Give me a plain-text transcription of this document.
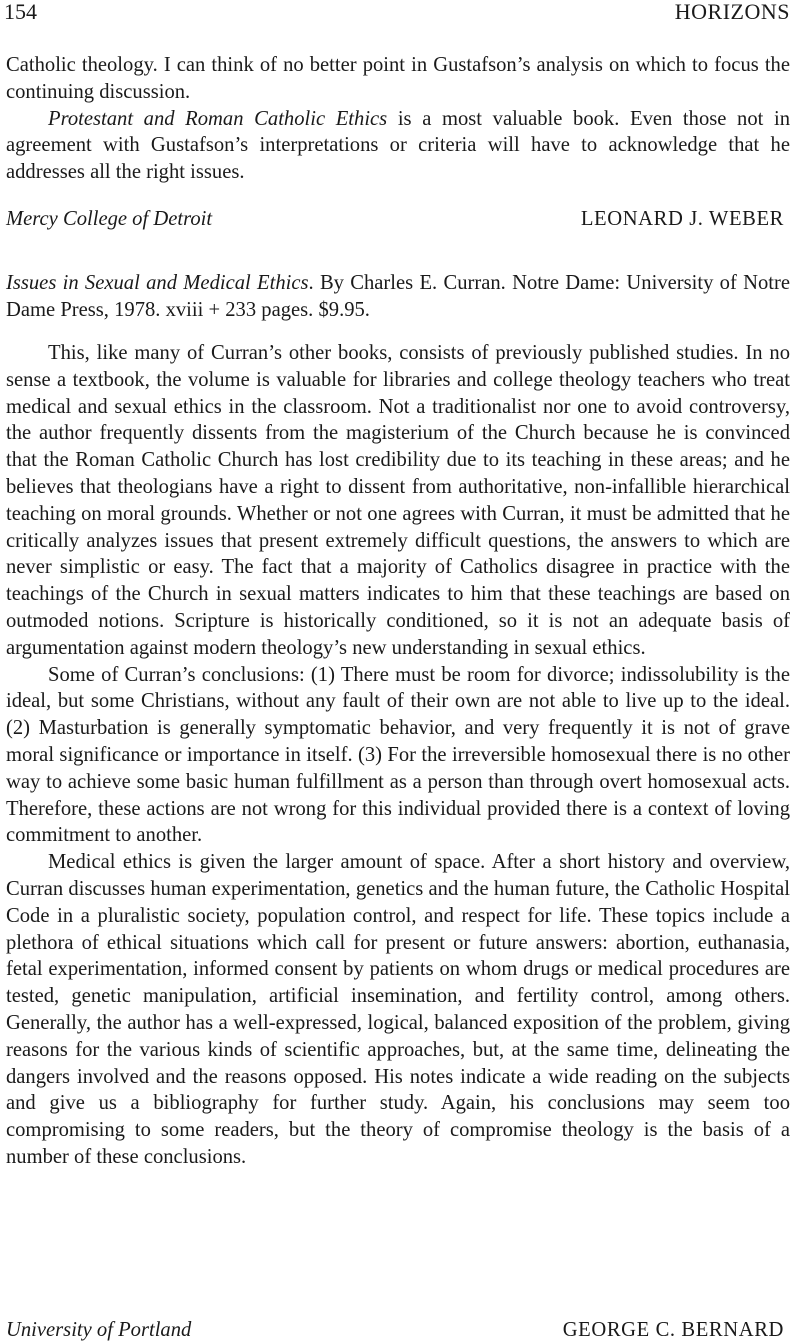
154	HORIZONS

Catholic theology. I can think of no better point in Gustafson’s analysis on which to focus the continuing discussion.

Protestant and Roman Catholic Ethics is a most valuable book. Even those not in agreement with Gustafson’s interpretations or criteria will have to acknowledge that he addresses all the right issues.

Mercy College of Detroit	LEONARD J. WEBER
Issues in Sexual and Medical Ethics. By Charles E. Curran. Notre Dame: University of Notre Dame Press, 1978. xviii + 233 pages. $9.95.

This, like many of Curran’s other books, consists of previously published studies. In no sense a textbook, the volume is valuable for libraries and college theology teachers who treat medical and sexual ethics in the classroom. Not a traditionalist nor one to avoid controversy, the author frequently dissents from the magisterium of the Church because he is convinced that the Roman Catholic Church has lost credibility due to its teaching in these areas; and he believes that theologians have a right to dissent from authoritative, non-infallible hierarchical teaching on moral grounds. Whether or not one agrees with Curran, it must be admitted that he critically analyzes issues that present extremely difficult questions, the answers to which are never simplistic or easy. The fact that a majority of Catholics disagree in practice with the teachings of the Church in sexual matters indicates to him that these teachings are based on outmoded notions. Scripture is historically conditioned, so it is not an adequate basis of argumentation against modern theology’s new understanding in sexual ethics.

Some of Curran’s conclusions: (1) There must be room for divorce; indissolubility is the ideal, but some Christians, without any fault of their own are not able to live up to the ideal. (2) Masturbation is generally symptomatic behavior, and very frequently it is not of grave moral significance or importance in itself. (3) For the irreversible homosexual there is no other way to achieve some basic human fulfillment as a person than through overt homosexual acts. Therefore, these actions are not wrong for this individual provided there is a context of loving commitment to another.

Medical ethics is given the larger amount of space. After a short history and overview, Curran discusses human experimentation, genetics and the human future, the Catholic Hospital Code in a pluralistic society, population control, and respect for life. These topics include a plethora of ethical situations which call for present or future answers: abortion, euthanasia, fetal experimentation, informed consent by patients on whom drugs or medical procedures are tested, genetic manipulation, artificial insemination, and fertility control, among others. Generally, the author has a well-expressed, logical, balanced exposition of the problem, giving reasons for the various kinds of scientific approaches, but, at the same time, delineating the dangers involved and the reasons opposed. His notes indicate a wide reading on the subjects and give us a bibliography for further study. Again, his conclusions may seem too compromising to some readers, but the theory of compromise theology is the basis of a number of these conclusions.

University of Portland	GEORGE C. BERNARD
